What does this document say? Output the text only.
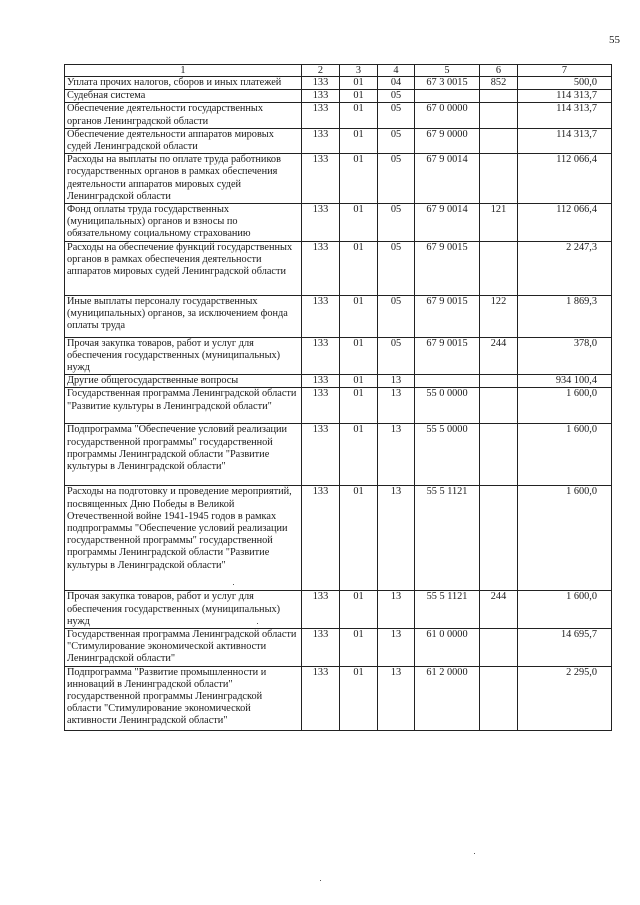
55
1	2	3	4	5	6	7
Уплата прочих налогов, сборов и иных платежей	133	01	04	67 3 0015	852	500,0
Судебная система	133	01	05			114 313,7
Обеспечение деятельности государственных органов Ленинградской области	133	01	05	67 0 0000		114 313,7
Обеспечение деятельности аппаратов мировых судей Ленинградской области	133	01	05	67 9 0000		114 313,7
Расходы на выплаты по оплате труда работников государственных органов в рамках обеспечения деятельности аппаратов мировых судей Ленинградской области	133	01	05	67 9 0014		112 066,4
Фонд оплаты труда государственных (муниципальных) органов и взносы по обязательному социальному страхованию	133	01	05	67 9 0014	121	112 066,4
Расходы на обеспечение функций государственных органов в рамках обеспечения деятельности аппаратов мировых судей Ленинградской области	133	01	05	67 9 0015		2 247,3
Иные выплаты персоналу государственных (муниципальных) органов, за исключением фонда оплаты труда	133	01	05	67 9 0015	122	1 869,3
Прочая закупка товаров, работ и услуг для обеспечения государственных (муниципальных) нужд	133	01	05	67 9 0015	244	378,0
Другие общегосударственные вопросы	133	01	13			934 100,4
Государственная программа Ленинградской области "Развитие культуры в Ленинградской области"	133	01	13	55 0 0000		1 600,0
Подпрограмма "Обеспечение условий реализации государственной программы" государственной программы Ленинградской области "Развитие культуры в Ленинградской области"	133	01	13	55 5 0000		1 600,0
Расходы на подготовку и проведение мероприятий, посвященных Дню Победы в Великой Отечественной войне 1941-1945 годов в рамках подпрограммы "Обеспечение условий реализации государственной программы" государственной программы Ленинградской области "Развитие культуры в Ленинградской области"	133	01	13	55 5 1121		1 600,0
Прочая закупка товаров, работ и услуг для обеспечения государственных (муниципальных) нужд	133	01	13	55 5 1121	244	1 600,0
Государственная программа Ленинградской области "Стимулирование экономической активности Ленинградской области"	133	01	13	61 0 0000		14 695,7
Подпрограмма "Развитие промышленности и инноваций в Ленинградской области" государственной программы Ленинградской области "Стимулирование экономической активности Ленинградской области"	133	01	13	61 2 0000		2 295,0
